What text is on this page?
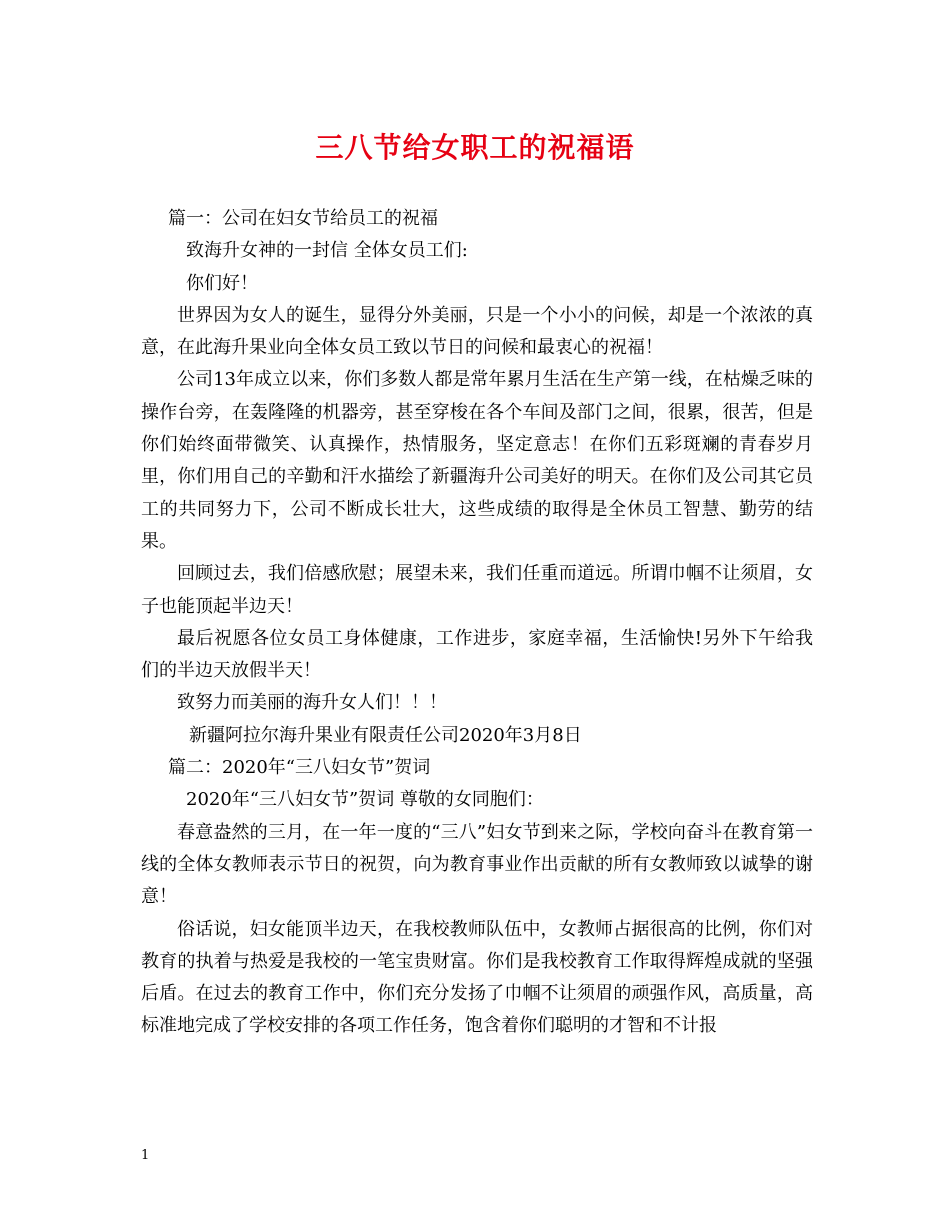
三八节给女职工的祝福语

篇一：公司在妇女节给员工的祝福

致海升女神的一封信 全体女员工们:

你们好！

世界因为女人的诞生，显得分外美丽，只是一个小小的问候，却是一个浓浓的真意，在此海升果业向全体女员工致以节日的问候和最衷心的祝福！

公司13年成立以来，你们多数人都是常年累月生活在生产第一线，在枯燥乏味的操作台旁，在轰隆隆的机器旁，甚至穿梭在各个车间及部门之间，很累，很苦，但是你们始终面带微笑、认真操作，热情服务，坚定意志！在你们五彩斑斓的青春岁月里，你们用自己的辛勤和汗水描绘了新疆海升公司美好的明天。在你们及公司其它员工的共同努力下，公司不断成长壮大，这些成绩的取得是全休员工智慧、勤劳的结果。

回顾过去，我们倍感欣慰；展望未来，我们任重而道远。所谓巾帼不让须眉，女子也能顶起半边天！

最后祝愿各位女员工身体健康，工作进步，家庭幸福，生活愉快!另外下午给我们的半边天放假半天！

致努力而美丽的海升女人们！！！

新疆阿拉尔海升果业有限责任公司2020年3月8日

篇二：2020年“三八妇女节”贺词

2020年“三八妇女节”贺词 尊敬的女同胞们：

春意盎然的三月，在一年一度的“三八”妇女节到来之际，学校向奋斗在教育第一线的全体女教师表示节日的祝贺，向为教育事业作出贡献的所有女教师致以诚挚的谢意！

俗话说，妇女能顶半边天，在我校教师队伍中，女教师占据很高的比例，你们对教育的执着与热爱是我校的一笔宝贵财富。你们是我校教育工作取得辉煌成就的坚强后盾。在过去的教育工作中，你们充分发扬了巾帼不让须眉的顽强作风，高质量，高标准地完成了学校安排的各项工作任务，饱含着你们聪明的才智和不计报

1
